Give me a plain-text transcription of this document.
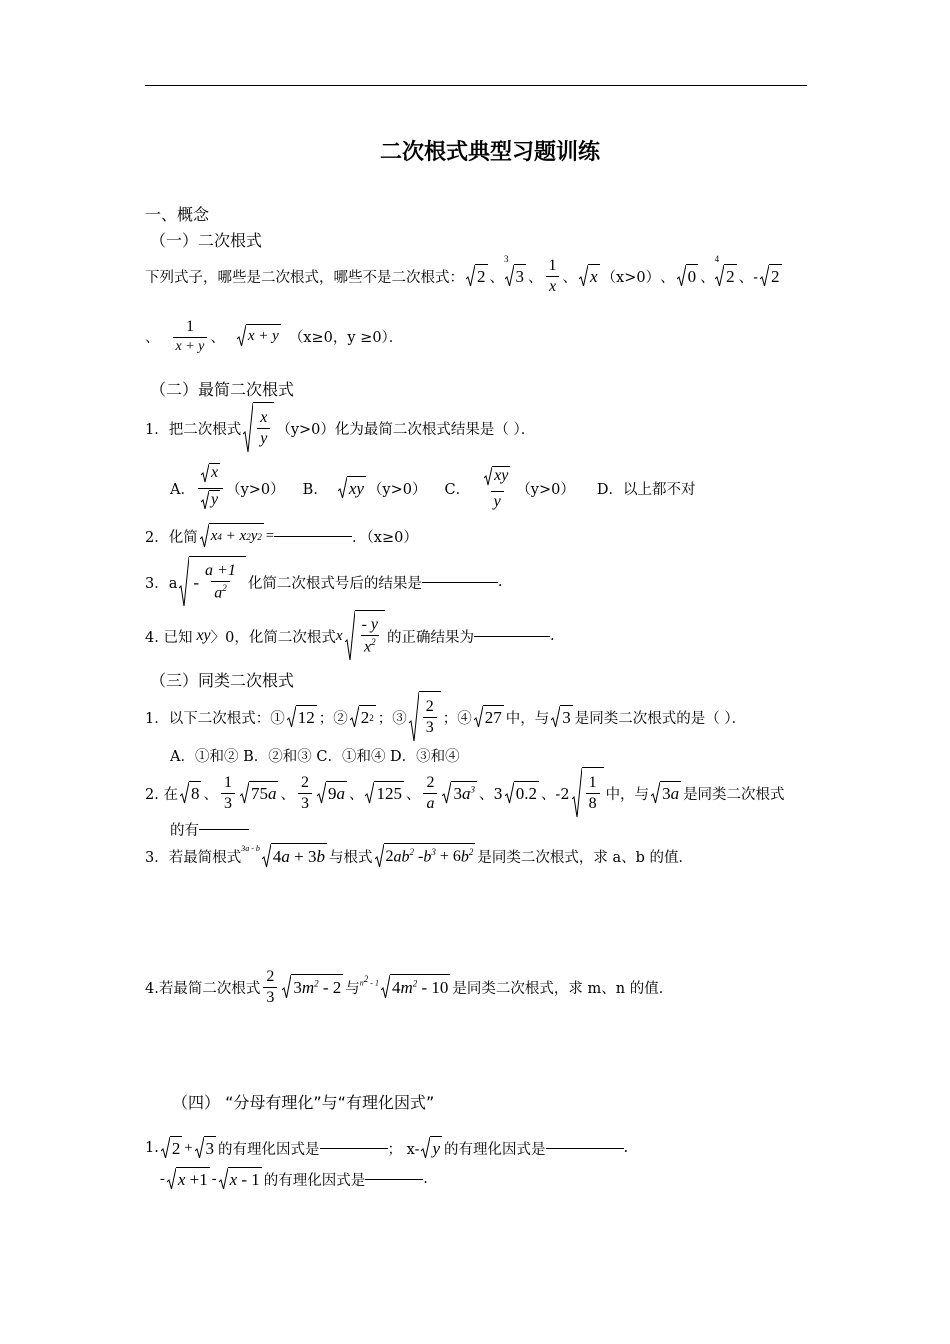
二次根式典型习题训练
一、概念
（一）二次根式
下列式子，哪些是二次根式，哪些不是二次根式： 2 、
3
3 、 $\frac{1}{x}$ 、 x （x>0） 、 0 、
4
2 、- 2
、 $\frac{1}{x + y}$ 、 x + y （x≥0，y ≥0）．
（二）最简二次根式
1．把二次根式 $\frac{x}{y} (y>0)$化为最简二次根式结果是（ ）．
A． $\frac{x}{y} (y>0)$ B． xy （y>0） C． $\frac{xy}{y} (y>0)$ D．以上都不对
2．化简 x 4 + x 2 y 2 =	．（x≥0）
3．a - $\frac{a +1}{a^2}$ 化简二次根式号后的结果是	.
4. 已知 xy 〉 0，化简二次根式 x $\frac{- y}{x^2}$ 的正确结果为	.
（三）同类二次根式
1．以下二次根式：① 12 ；② 2 2 ；③ $\frac{2}{3}$ ；④ 27 中，与 3 是同类二次根式的是（ ）．
A．①和② B．②和③ C．①和④ D．③和④
2. 在 8 、 $\frac{1}{3} 75$ a 、 $\frac{2}{3} 9$ a 、 125 、 $\frac{2}{a} 3$ $a^3$ 、3 0.2 、$-2 \frac{1}{8}$ 中，与 3 a 是同类二次根式
的有
3．若最简根式
3a - b 4 a + 3 b 与根式 2 $ab^2 - b^3 + 6$ $b^2$ 是同类二次根式，求 a、b 的值．
4.若最简二次根式 $\frac{2}{3} 3$ $m^2 - 2$ 与 $n^2 - 1$ 4 $m^2 - 10$ 是同类二次根式，求 m、n 的值．
（四） “分母有理化”与“有理化因式”
1. 2 + 3 的有理化因式是	； x- y 的有理化因式是	.
- x +1 - x - 1 的有理化因式是	.
